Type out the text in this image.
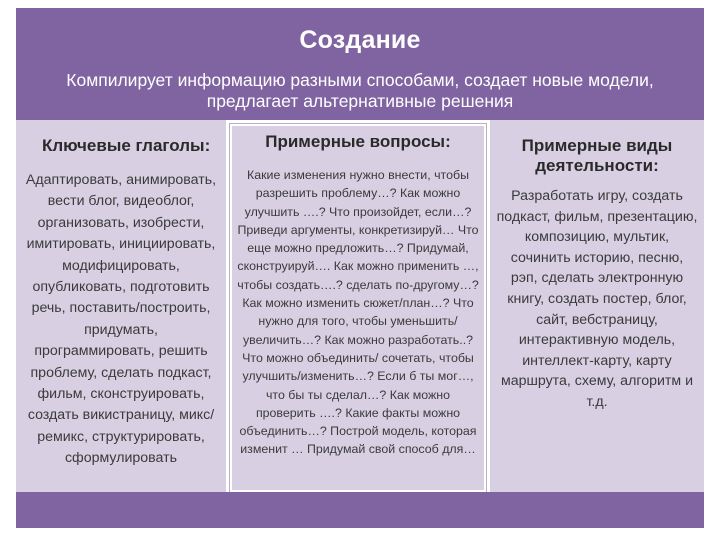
Создание
Компилирует информацию разными способами, создает новые модели, предлагает альтернативные решения
Ключевые глаголы:
Адаптировать, анимировать, вести блог, видеоблог, организовать, изобрести, имитировать, инициировать, модифицировать, опубликовать, подготовить речь, поставить/построить, придумать, программировать, решить проблему, сделать подкаст, фильм, сконструировать, создать викистраницу, микс/ремикс, структурировать, сформулировать
Примерные вопросы:
Какие изменения нужно внести, чтобы разрешить проблему…? Как можно улучшить ….? Что произойдет, если…? Приведи аргументы, конкретизируй… Что еще можно предложить…? Придумай, сконструируй…. Как можно применить …, чтобы создать….? сделать по-другому…? Как можно изменить сюжет/план…? Что нужно для того, чтобы уменьшить/ увеличить…? Как можно разработать..? Что можно объединить/ сочетать, чтобы улучшить/изменить…? Если б ты мог…, что бы ты сделал…? Как можно проверить ….? Какие факты можно объединить…? Построй модель, которая изменит … Придумай свой способ для…
Примерные виды деятельности:
Разработать игру, создать подкаст, фильм, презентацию, композицию, мультик, сочинить историю, песню, рэп, сделать электронную книгу, создать постер, блог, сайт, вебстраницу, интерактивную модель, интеллект-карту, карту маршрута, схему, алгоритм и т.д.
